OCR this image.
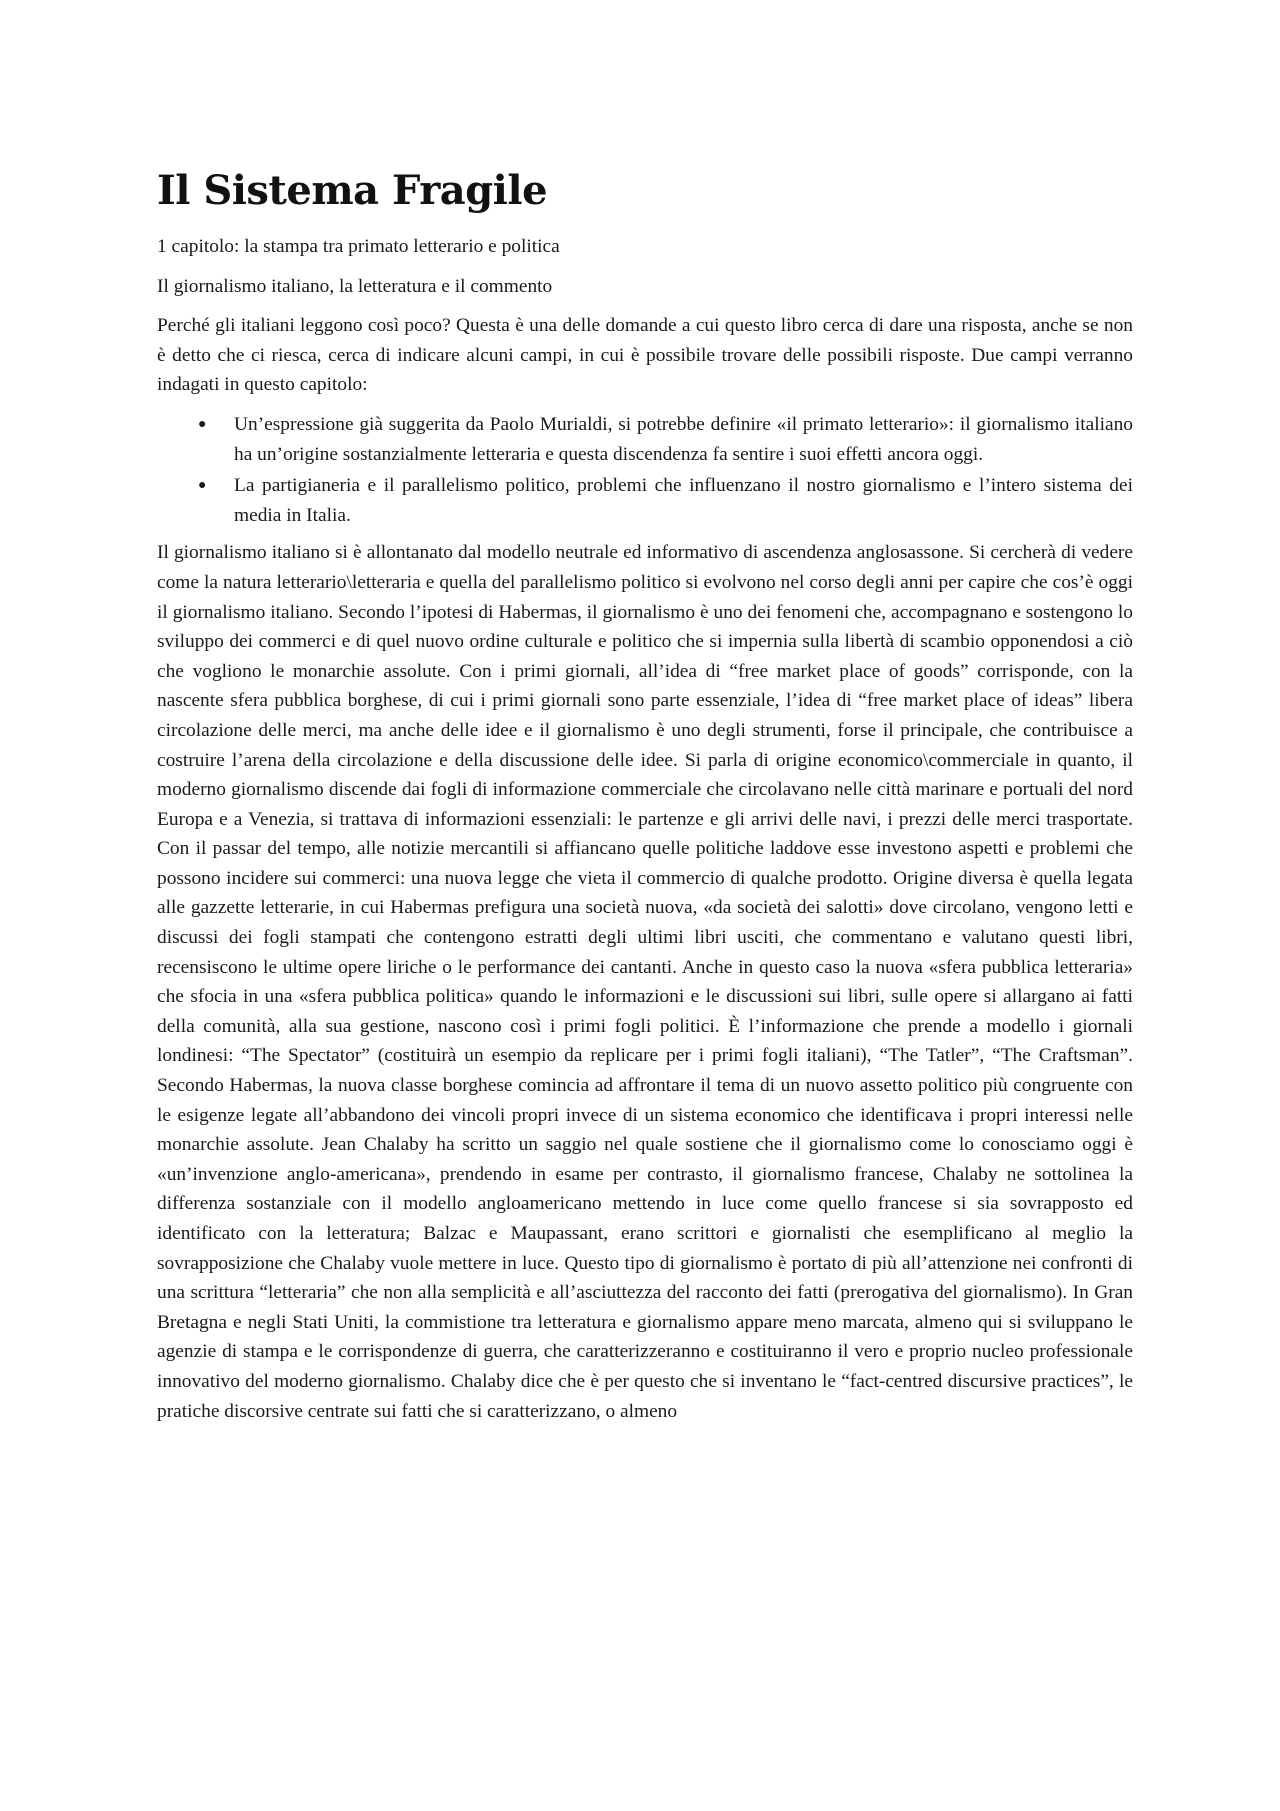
Il Sistema Fragile

1 capitolo: la stampa tra primato letterario e politica

Il giornalismo italiano, la letteratura e il commento

Perché gli italiani leggono così poco? Questa è una delle domande a cui questo libro cerca di dare una risposta, anche se non è detto che ci riesca, cerca di indicare alcuni campi, in cui è possibile trovare delle possibili risposte. Due campi verranno indagati in questo capitolo:

● Un’espressione già suggerita da Paolo Murialdi, si potrebbe definire «il primato letterario»: il giornalismo italiano ha un’origine sostanzialmente letteraria e questa discendenza fa sentire i suoi effetti ancora oggi.
● La partigianeria e il parallelismo politico, problemi che influenzano il nostro giornalismo e l’intero sistema dei media in Italia.

Il giornalismo italiano si è allontanato dal modello neutrale ed informativo di ascendenza anglosassone. Si cercherà di vedere come la natura letterario\letteraria e quella del parallelismo politico si evolvono nel corso degli anni per capire che cos’è oggi il giornalismo italiano. Secondo l’ipotesi di Habermas, il giornalismo è uno dei fenomeni che, accompagnano e sostengono lo sviluppo dei commerci e di quel nuovo ordine culturale e politico che si impernia sulla libertà di scambio opponendosi a ciò che vogliono le monarchie assolute. Con i primi giornali, all’idea di “free market place of goods” corrisponde, con la nascente sfera pubblica borghese, di cui i primi giornali sono parte essenziale, l’idea di “free market place of ideas” libera circolazione delle merci, ma anche delle idee e il giornalismo è uno degli strumenti, forse il principale, che contribuisce a costruire l’arena della circolazione e della discussione delle idee. Si parla di origine economico\commerciale in quanto, il moderno giornalismo discende dai fogli di informazione commerciale che circolavano nelle città marinare e portuali del nord Europa e a Venezia, si trattava di informazioni essenziali: le partenze e gli arrivi delle navi, i prezzi delle merci trasportate. Con il passar del tempo, alle notizie mercantili si affiancano quelle politiche laddove esse investono aspetti e problemi che possono incidere sui commerci: una nuova legge che vieta il commercio di qualche prodotto. Origine diversa è quella legata alle gazzette letterarie, in cui Habermas prefigura una società nuova, «da società dei salotti» dove circolano, vengono letti e discussi dei fogli stampati che contengono estratti degli ultimi libri usciti, che commentano e valutano questi libri, recensiscono le ultime opere liriche o le performance dei cantanti. Anche in questo caso la nuova «sfera pubblica letteraria» che sfocia in una «sfera pubblica politica» quando le informazioni e le discussioni sui libri, sulle opere si allargano ai fatti della comunità, alla sua gestione, nascono così i primi fogli politici. È l’informazione che prende a modello i giornali londinesi: “The Spectator” (costituirà un esempio da replicare per i primi fogli italiani), “The Tatler”, “The Craftsman”. Secondo Habermas, la nuova classe borghese comincia ad affrontare il tema di un nuovo assetto politico più congruente con le esigenze legate all’abbandono dei vincoli propri invece di un sistema economico che identificava i propri interessi nelle monarchie assolute. Jean Chalaby ha scritto un saggio nel quale sostiene che il giornalismo come lo conosciamo oggi è «un’invenzione anglo-americana», prendendo in esame per contrasto, il giornalismo francese, Chalaby ne sottolinea la differenza sostanziale con il modello angloamericano mettendo in luce come quello francese si sia sovrapposto ed identificato con la letteratura; Balzac e Maupassant, erano scrittori e giornalisti che esemplificano al meglio la sovrapposizione che Chalaby vuole mettere in luce. Questo tipo di giornalismo è portato di più all’attenzione nei confronti di una scrittura “letteraria” che non alla semplicità e all’asciuttezza del racconto dei fatti (prerogativa del giornalismo). In Gran Bretagna e negli Stati Uniti, la commistione tra letteratura e giornalismo appare meno marcata, almeno qui si sviluppano le agenzie di stampa e le corrispondenze di guerra, che caratterizzeranno e costituiranno il vero e proprio nucleo professionale innovativo del moderno giornalismo. Chalaby dice che è per questo che si inventano le “fact-centred discursive practices”, le pratiche discorsive centrate sui fatti che si caratterizzano, o almeno
